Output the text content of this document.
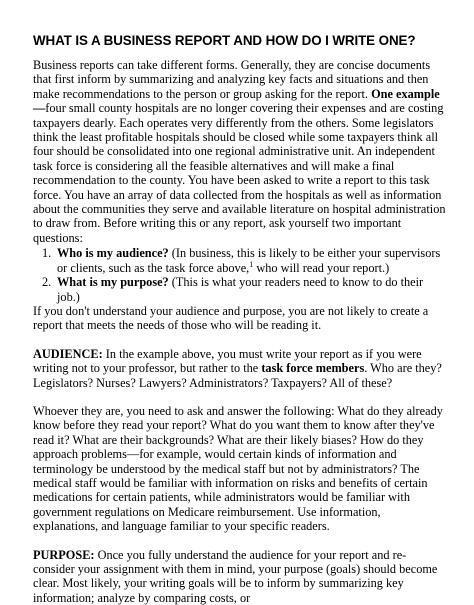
WHAT IS A BUSINESS REPORT AND HOW DO I WRITE ONE?

Business reports can take different forms. Generally, they are concise documents that first inform by summarizing and analyzing key facts and situations and then make recommendations to the person or group asking for the report. One example—four small county hospitals are no longer covering their expenses and are costing taxpayers dearly. Each operates very differently from the others. Some legislators think the least profitable hospitals should be closed while some taxpayers think all four should be consolidated into one regional administrative unit. An independent task force is considering all the feasible alternatives and will make a final recommendation to the county. You have been asked to write a report to this task force. You have an array of data collected from the hospitals as well as information about the communities they serve and available literature on hospital administration to draw from. Before writing this or any report, ask yourself two important questions:

1. Who is my audience? (In business, this is likely to be either your supervisors or clients, such as the task force above,$^1$ who will read your report.)
2. What is my purpose? (This is what your readers need to know to do their job.)

If you don't understand your audience and purpose, you are not likely to create a report that meets the needs of those who will be reading it.

AUDIENCE: In the example above, you must write your report as if you were writing not to your professor, but rather to the task force members. Who are they? Legislators? Nurses? Lawyers? Administrators? Taxpayers? All of these?

Whoever they are, you need to ask and answer the following: What do they already know before they read your report? What do you want them to know after they've read it? What are their backgrounds? What are their likely biases? How do they approach problems—for example, would certain kinds of information and terminology be understood by the medical staff but not by administrators? The medical staff would be familiar with information on risks and benefits of certain medications for certain patients, while administrators would be familiar with government regulations on Medicare reimbursement. Use information, explanations, and language familiar to your specific readers.

PURPOSE: Once you fully understand the audience for your report and re-consider your assignment with them in mind, your purpose (goals) should become clear. Most likely, your writing goals will be to inform by summarizing key information; analyze by comparing costs, or
